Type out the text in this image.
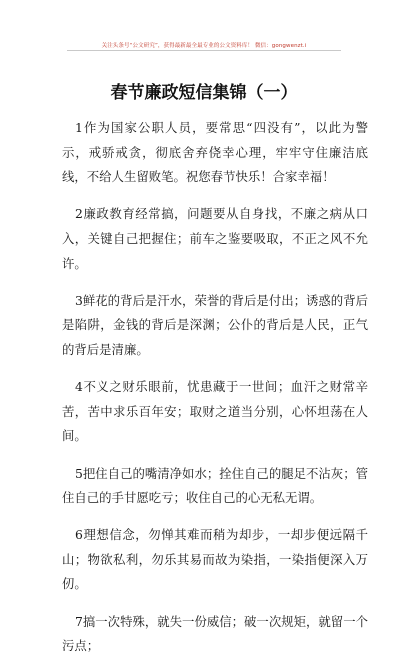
关注头条号“公文研究”，获得最新最全最专业的公文资料库！ 微信：gongwenzt.i
春节廉政短信集锦（一）

1作为国家公职人员，要常思“四没有”，以此为警示，戒骄戒贪，彻底舍弃侥幸心理，牢牢守住廉洁底线，不给人生留败笔。祝您春节快乐！合家幸福！

2廉政教育经常搞，问题要从自身找，不廉之病从口入，关键自己把握住；前车之鉴要吸取，不正之风不允许。

3鲜花的背后是汗水，荣誉的背后是付出；诱惑的背后是陷阱，金钱的背后是深渊；公仆的背后是人民，正气的背后是清廉。

4不义之财乐眼前，忧患藏于一世间；血汗之财常辛苦，苦中求乐百年安；取财之道当分别，心怀坦荡在人间。

5把住自己的嘴清净如水；拴住自己的腿足不沾灰；管住自己的手甘愿吃亏；收住自己的心无私无谓。

6理想信念，勿惮其难而稍为却步，一却步便远隔千山；物欲私利，勿乐其易而故为染指，一染指便深入万仞。

7搞一次特殊，就失一份威信；破一次规矩，就留一个污点；
